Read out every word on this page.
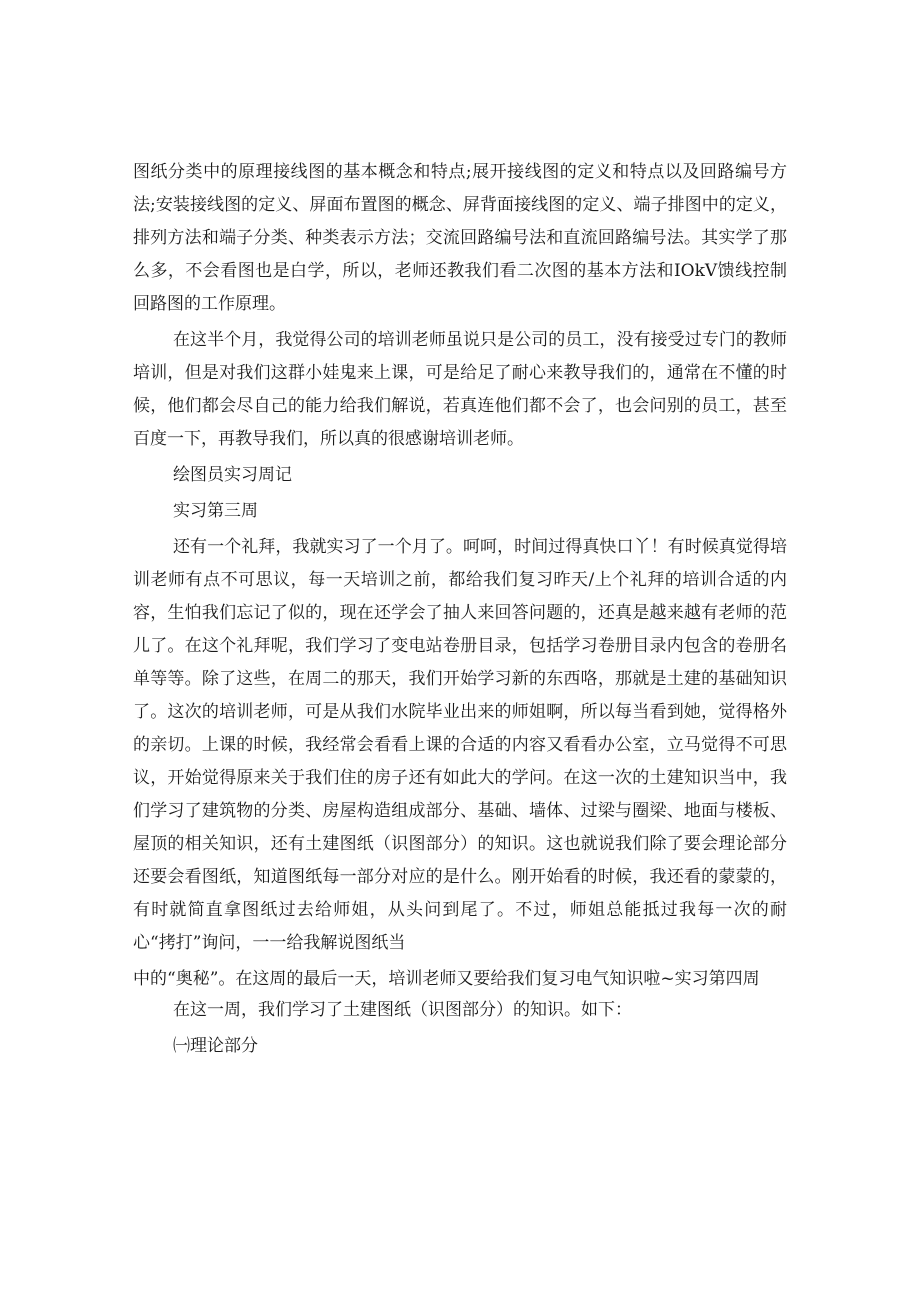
图纸分类中的原理接线图的基本概念和特点;展开接线图的定义和特点以及回路编号方法;安装接线图的定义、屏面布置图的概念、屏背面接线图的定义、端子排图中的定义，排列方法和端子分类、种类表示方法；交流回路编号法和直流回路编号法。其实学了那么多，不会看图也是白学，所以，老师还教我们看二次图的基本方法和IOkV馈线控制回路图的工作原理。

在这半个月，我觉得公司的培训老师虽说只是公司的员工，没有接受过专门的教师培训，但是对我们这群小娃鬼来上课，可是给足了耐心来教导我们的，通常在不懂的时候，他们都会尽自己的能力给我们解说，若真连他们都不会了，也会问别的员工，甚至百度一下，再教导我们，所以真的很感谢培训老师。

绘图员实习周记

实习第三周

还有一个礼拜，我就实习了一个月了。呵呵，时间过得真快口丫！有时候真觉得培训老师有点不可思议，每一天培训之前，都给我们复习昨天/上个礼拜的培训合适的内容，生怕我们忘记了似的，现在还学会了抽人来回答问题的，还真是越来越有老师的范儿了。在这个礼拜呢，我们学习了变电站卷册目录，包括学习卷册目录内包含的卷册名单等等。除了这些，在周二的那天，我们开始学习新的东西咯，那就是土建的基础知识了。这次的培训老师，可是从我们水院毕业出来的师姐啊，所以每当看到她，觉得格外的亲切。上课的时候，我经常会看看上课的合适的内容又看看办公室，立马觉得不可思议，开始觉得原来关于我们住的房子还有如此大的学问。在这一次的土建知识当中，我们学习了建筑物的分类、房屋构造组成部分、基础、墙体、过梁与圈梁、地面与楼板、屋顶的相关知识，还有土建图纸（识图部分）的知识。这也就说我们除了要会理论部分还要会看图纸，知道图纸每一部分对应的是什么。刚开始看的时候，我还看的蒙蒙的，有时就简直拿图纸过去给师姐，从头问到尾了。不过，师姐总能抵过我每一次的耐心“拷打”询问，一一给我解说图纸当

中的“奥秘”。在这周的最后一天，培训老师又要给我们复习电气知识啦~实习第四周

在这一周，我们学习了土建图纸（识图部分）的知识。如下：

㈠理论部分
